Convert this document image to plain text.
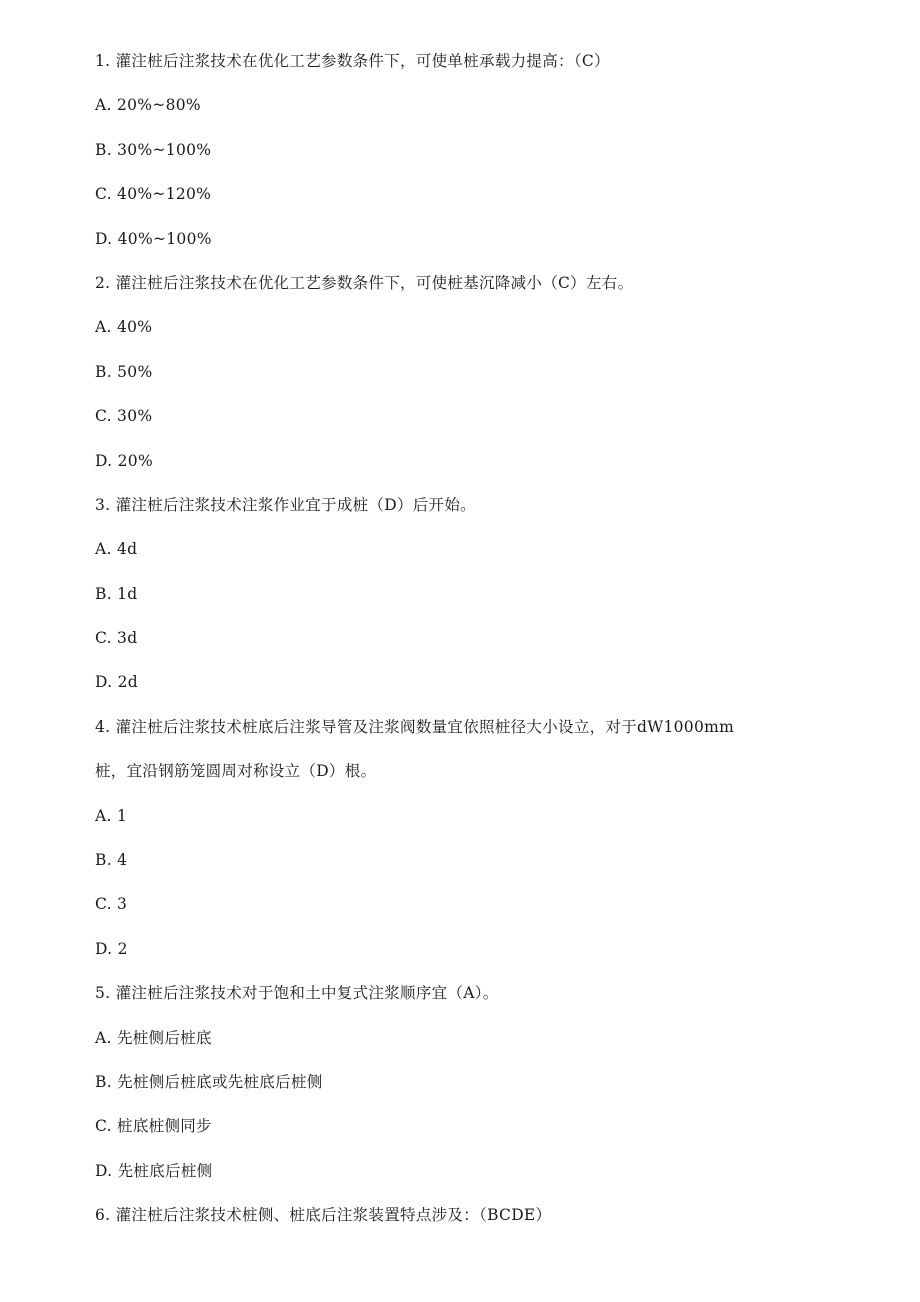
1. 灌注桩后注浆技术在优化工艺参数条件下，可使单桩承载力提高：（C）
A. 20%~80%
B. 30%~100%
C. 40%~120%
D. 40%~100%
2. 灌注桩后注浆技术在优化工艺参数条件下，可使桩基沉降减小（C）左右。
A. 40%
B. 50%
C. 30%
D. 20%
3. 灌注桩后注浆技术注浆作业宜于成桩（D）后开始。
A. 4d
B. 1d
C. 3d
D. 2d
4. 灌注桩后注浆技术桩底后注浆导管及注浆阀数量宜依照桩径大小设立，对于dW1000mm
桩，宜沿钢筋笼圆周对称设立（D）根。
A. 1
B. 4
C. 3
D. 2
5. 灌注桩后注浆技术对于饱和土中复式注浆顺序宜（A）。
A. 先桩侧后桩底
B. 先桩侧后桩底或先桩底后桩侧
C. 桩底桩侧同步
D. 先桩底后桩侧
6. 灌注桩后注浆技术桩侧、桩底后注浆装置特点涉及：（BCDE）
